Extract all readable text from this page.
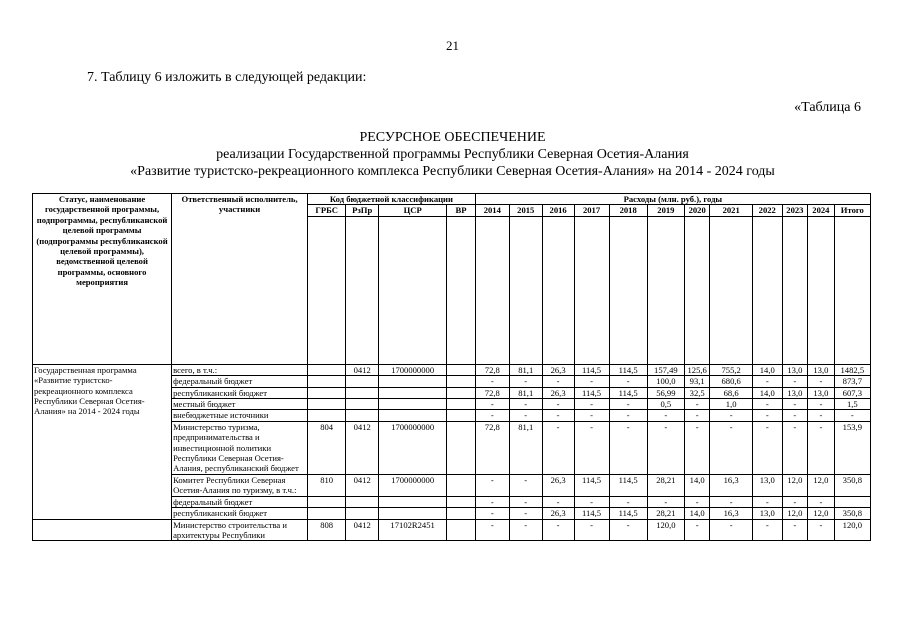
21
7. Таблицу 6 изложить в следующей редакции:
«Таблица 6
РЕСУРСНОЕ ОБЕСПЕЧЕНИЕ
реализации Государственной программы Республики Северная Осетия-Алания
«Развитие туристско-рекреационного комплекса Республики Северная Осетия-Алания» на 2014 - 2024 годы
Статус, наименование государственной программы, подпрограммы, республиканской целевой программы (подпрограммы республиканской целевой программы), ведомственной целевой программы, основного мероприятия	Ответственный исполнитель, участники	Код бюджетной классификации				Расходы (млн. руб.), годы											
		ГРБС	РзПр	ЦСР	ВР	2014	2015	2016	2017	2018	2019	2020	2021	2022	2023	2024	Итого

Государственная программа «Развитие туристско-рекреационного комплекса Республики Северная Осетия-Алания» на 2014 - 2024 годы	всего, в т.ч.:		0412	1700000000		72,8	81,1	26,3	114,5	114,5	157,49	125,6	755,2	14,0	13,0	13,0	1482,5
	федеральный бюджет					-	-	-	-	-	100,0	93,1	680,6	-	-	-	873,7
	республиканский бюджет					72,8	81,1	26,3	114,5	114,5	56,99	32,5	68,6	14,0	13,0	13,0	607,3
	местный бюджет					-	-	-	-	-	0,5	-	1,0	-	-	-	1,5
	внебюджетные источники					-	-	-	-	-	-	-	-	-	-	-	-
	Министерство туризма, предпринимательства и инвестиционной политики Республики Северная Осетия-Алания, республиканский бюджет	804	0412	1700000000		72,8	81,1	-	-	-	-	-	-	-	-	-	153,9
	Комитет Республики Северная Осетия-Алания по туризму, в т.ч.:	810	0412	1700000000		-	-	26,3	114,5	114,5	28,21	14,0	16,3	13,0	12,0	12,0	350,8
	федеральный бюджет					-	-	-	-	-	-	-	-	-	-	-	
	республиканский бюджет					-	-	26,3	114,5	114,5	28,21	14,0	16,3	13,0	12,0	12,0	350,8
	Министерство строительства и архитектуры Республики	808	0412	17102R2451		-	-	-	-	-	120,0	-	-	-	-	-	120,0
